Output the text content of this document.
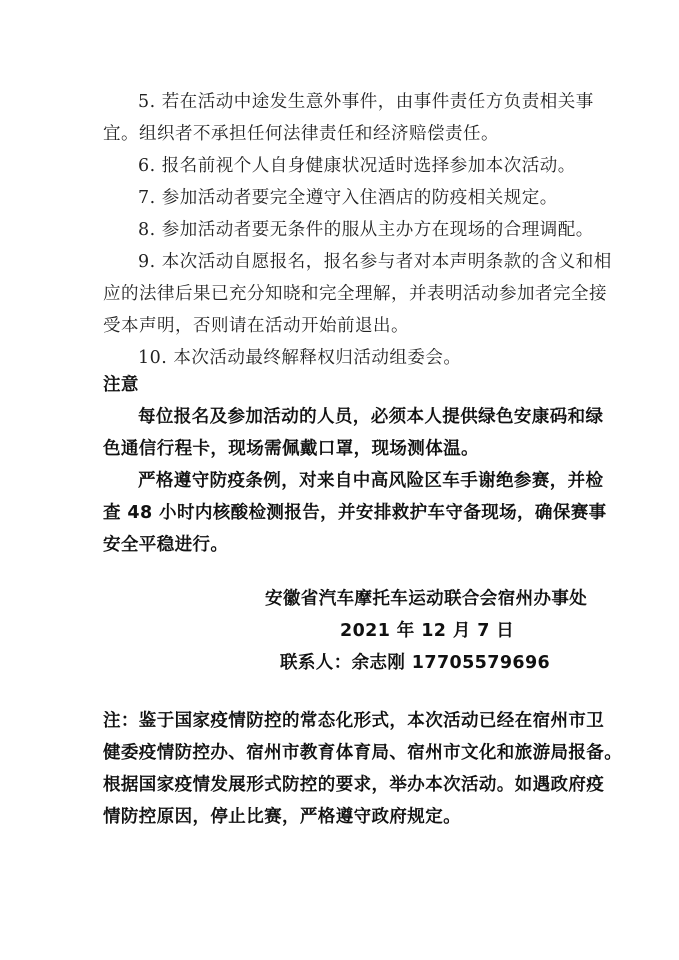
5. 若在活动中途发生意外事件，由事件责任方负责相关事
宜。组织者不承担任何法律责任和经济赔偿责任。
6. 报名前视个人自身健康状况适时选择参加本次活动。
7. 参加活动者要完全遵守入住酒店的防疫相关规定。
8. 参加活动者要无条件的服从主办方在现场的合理调配。
9. 本次活动自愿报名，报名参与者对本声明条款的含义和相
应的法律后果已充分知晓和完全理解，并表明活动参加者完全接
受本声明，否则请在活动开始前退出。
10. 本次活动最终解释权归活动组委会。
注意
每位报名及参加活动的人员，必须本人提供绿色安康码和绿
色通信行程卡，现场需佩戴口罩，现场测体温。
严格遵守防疫条例，对来自中高风险区车手谢绝参赛，并检
查 48 小时内核酸检测报告，并安排救护车守备现场，确保赛事
安全平稳进行。
安徽省汽车摩托车运动联合会宿州办事处
2021 年 12 月 7 日
联系人：余志刚 17705579696
注：鉴于国家疫情防控的常态化形式，本次活动已经在宿州市卫
健委疫情防控办、宿州市教育体育局、宿州市文化和旅游局报备。
根据国家疫情发展形式防控的要求，举办本次活动。如遇政府疫
情防控原因，停止比赛，严格遵守政府规定。
